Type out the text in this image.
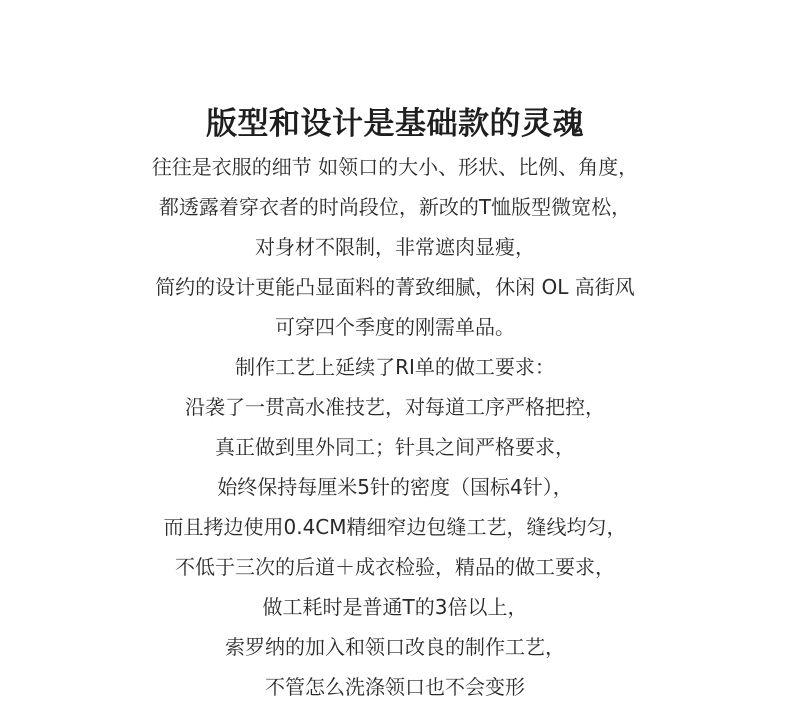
版型和设计是基础款的灵魂
往往是衣服的细节 如领口的大小、形状、比例、角度，
都透露着穿衣者的时尚段位，新改的T恤版型微宽松，
对身材不限制，非常遮肉显瘦，
简约的设计更能凸显面料的菁致细腻，休闲 OL 高街风
可穿四个季度的刚需单品。
制作工艺上延续了RI单的做工要求：
沿袭了一贯高水准技艺，对每道工序严格把控，
真正做到里外同工；针具之间严格要求，
始终保持每厘米5针的密度（国标4针），
而且拷边使用0.4CM精细窄边包缝工艺，缝线均匀，
不低于三次的后道＋成衣检验，精品的做工要求，
做工耗时是普通T的3倍以上，
索罗纳的加入和领口改良的制作工艺，
不管怎么洗涤领口也不会变形
